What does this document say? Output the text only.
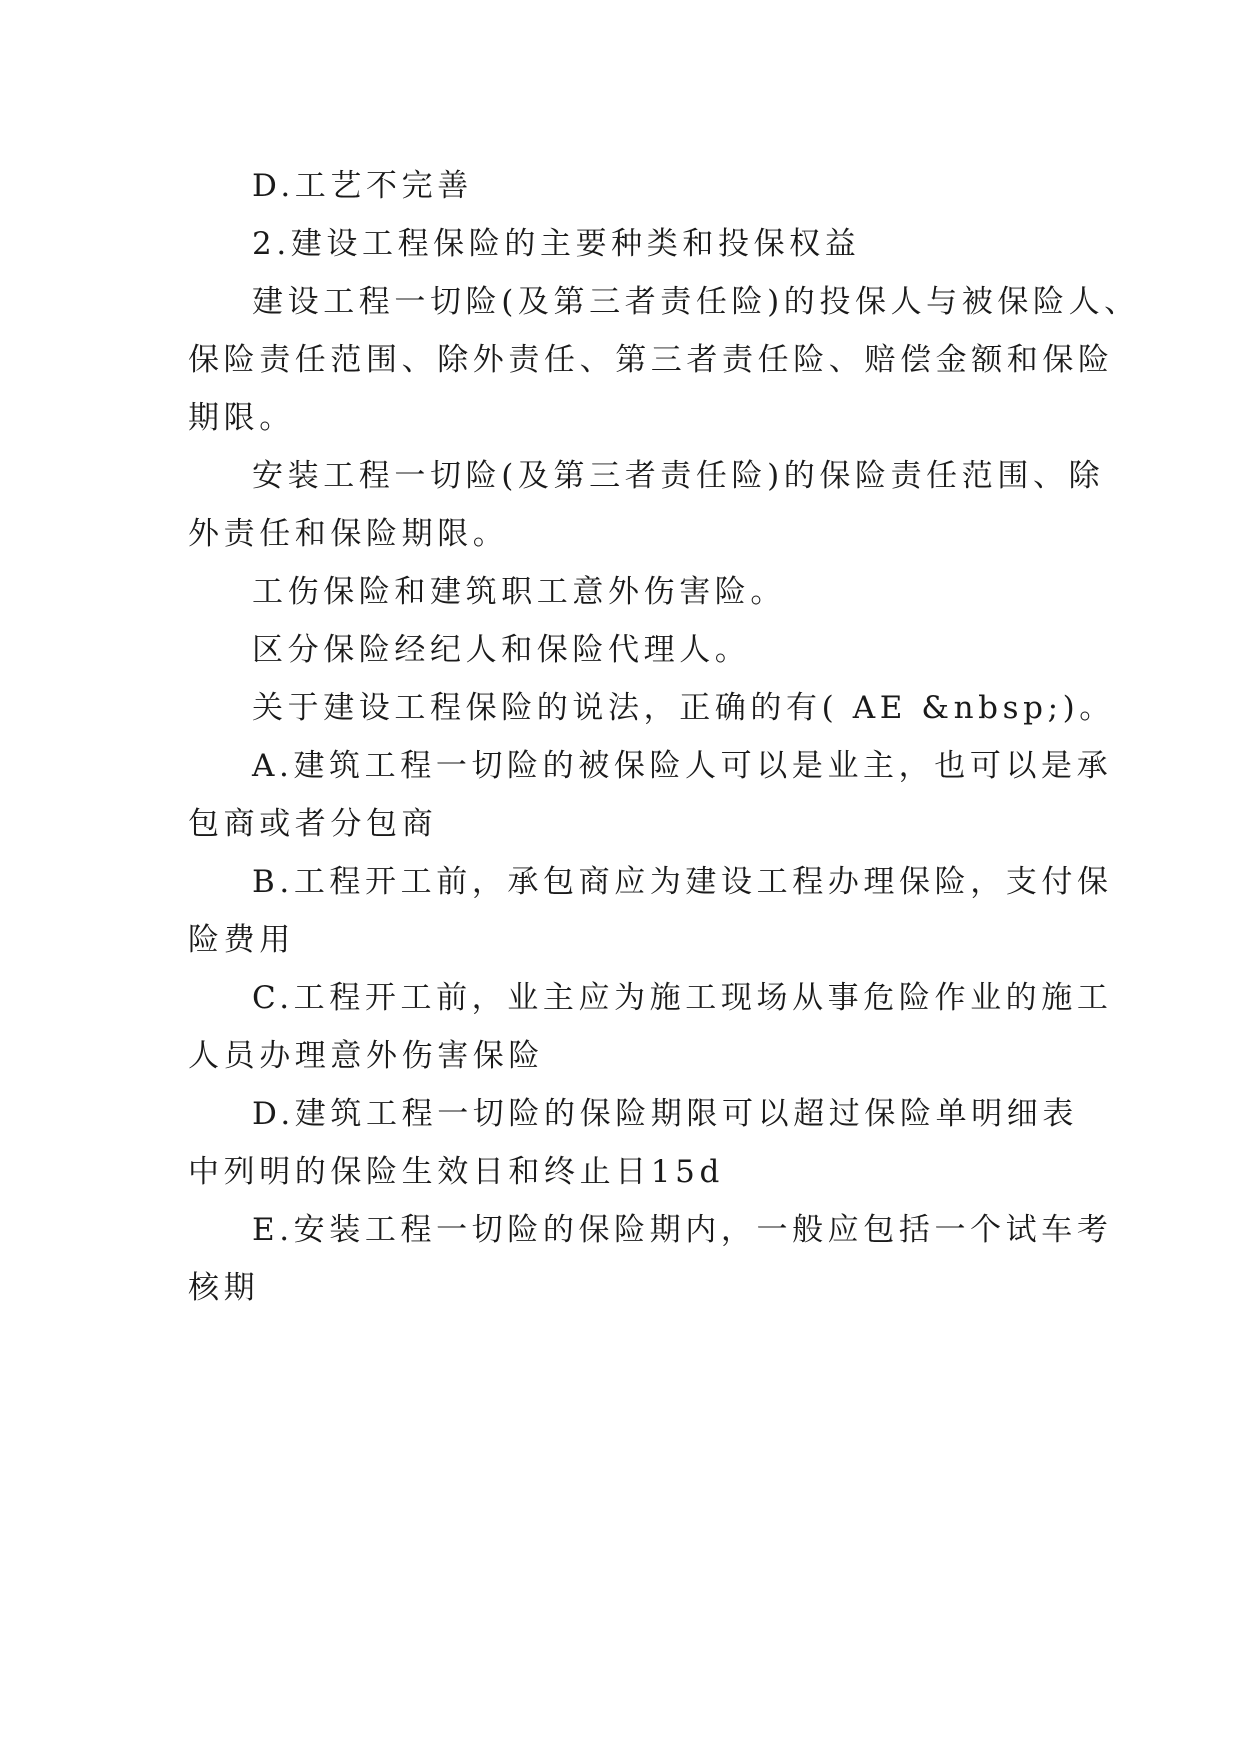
D.工艺不完善
2.建设工程保险的主要种类和投保权益
建设工程一切险(及第三者责任险)的投保人与被保险人、
保险责任范围、除外责任、第三者责任险、赔偿金额和保险
期限。
安装工程一切险(及第三者责任险)的保险责任范围、除
外责任和保险期限。
工伤保险和建筑职工意外伤害险。
区分保险经纪人和保险代理人。
关于建设工程保险的说法，正确的有( AE &nbsp;)。
A.建筑工程一切险的被保险人可以是业主，也可以是承
包商或者分包商
B.工程开工前，承包商应为建设工程办理保险，支付保
险费用
C.工程开工前，业主应为施工现场从事危险作业的施工
人员办理意外伤害保险
D.建筑工程一切险的保险期限可以超过保险单明细表
中列明的保险生效日和终止日15d
E.安装工程一切险的保险期内，一般应包括一个试车考
核期
